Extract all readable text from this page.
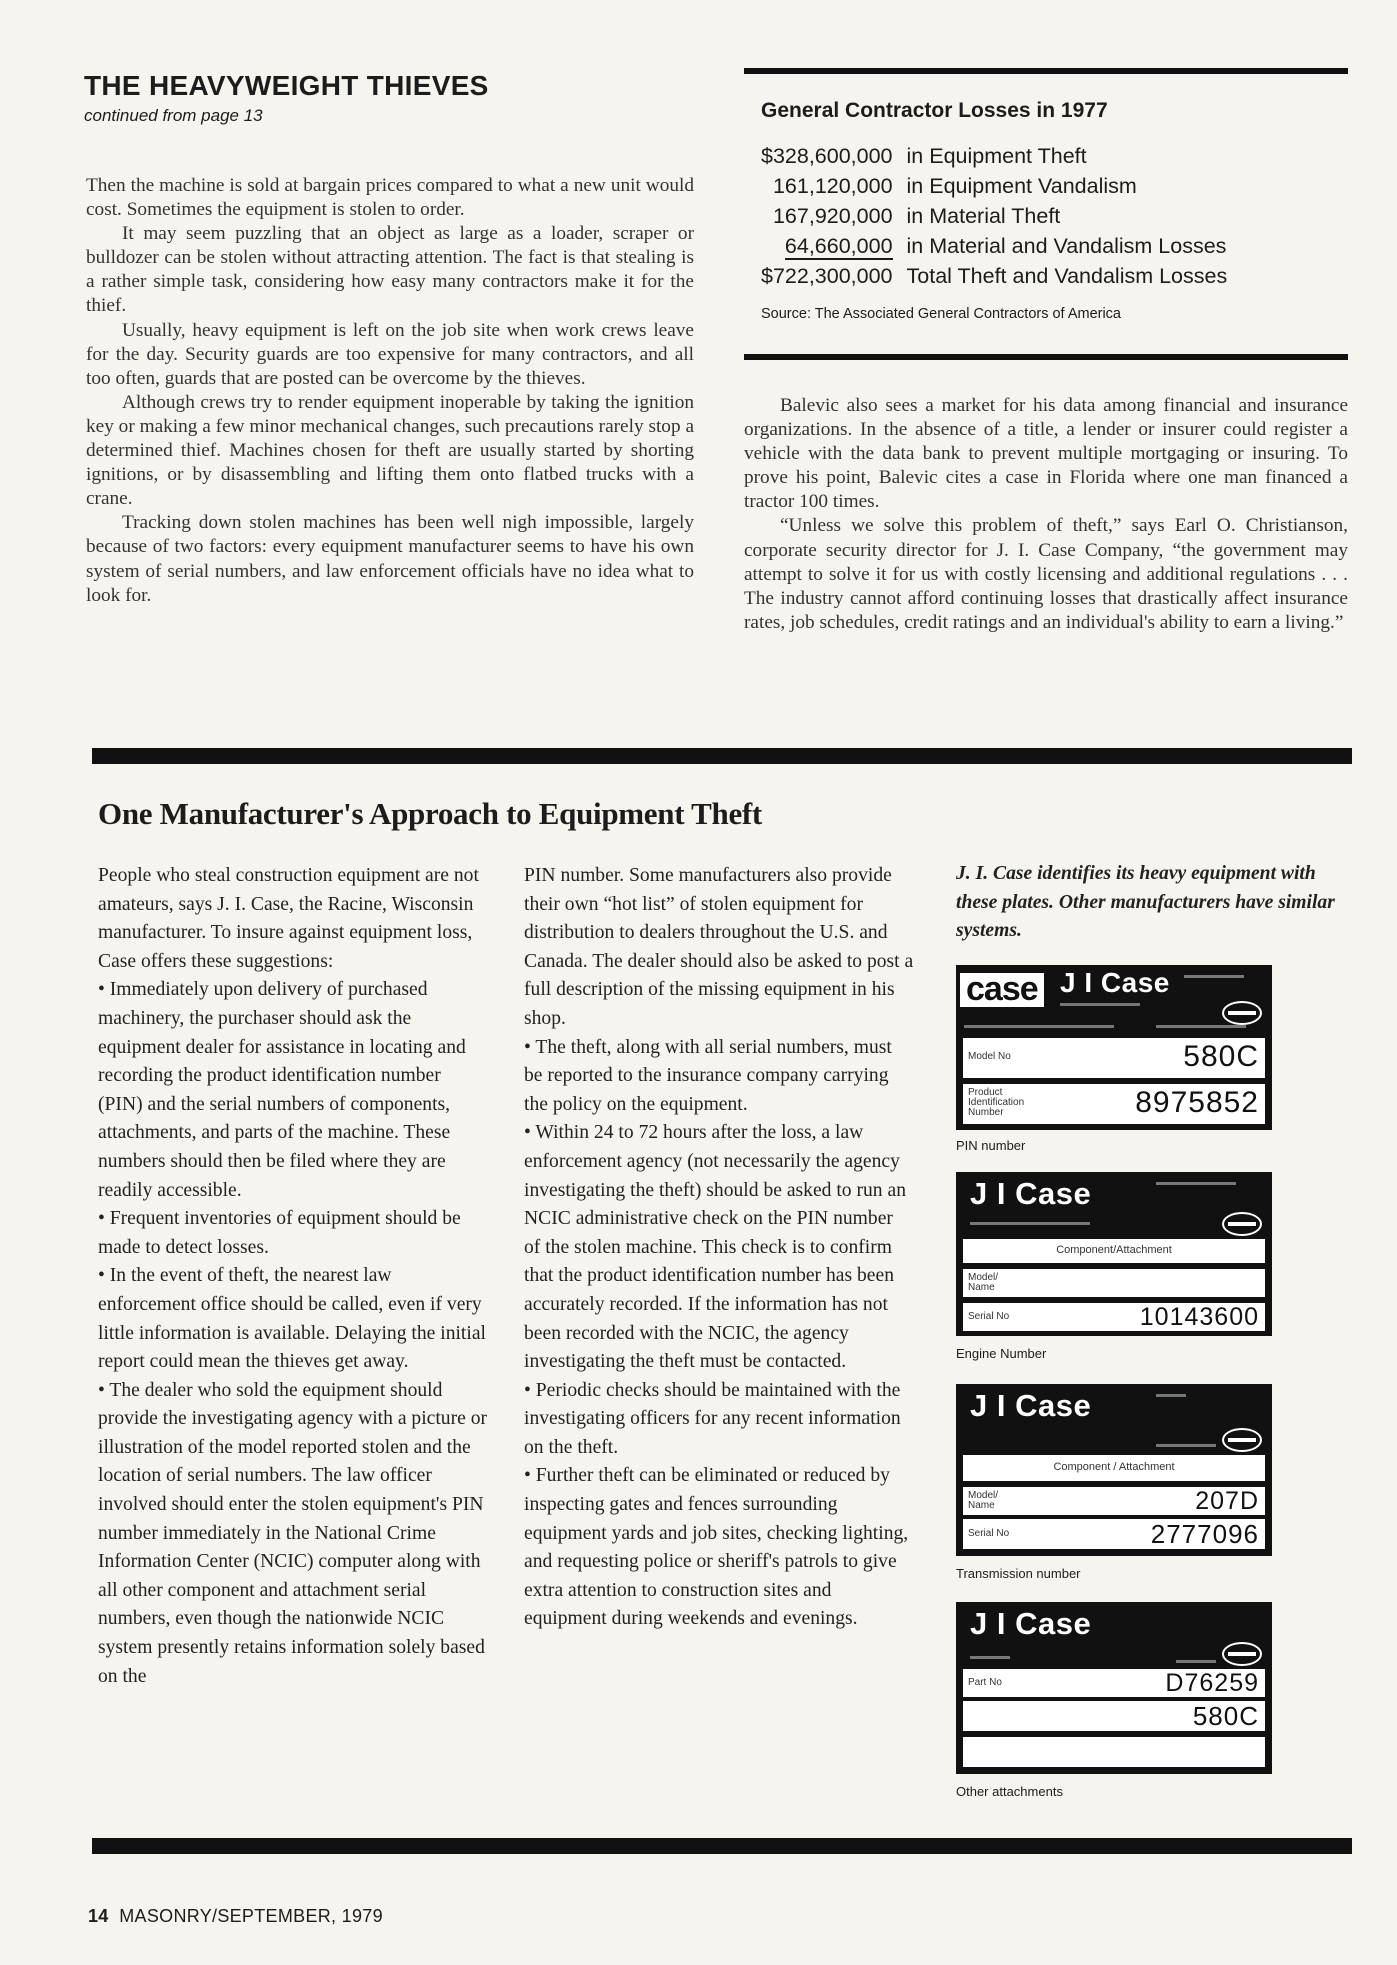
THE HEAVYWEIGHT THIEVES
continued from page 13

Then the machine is sold at bargain prices compared to what a new unit would cost. Sometimes the equipment is stolen to order.

It may seem puzzling that an object as large as a loader, scraper or bulldozer can be stolen without attracting attention. The fact is that stealing is a rather simple task, considering how easy many contractors make it for the thief.

Usually, heavy equipment is left on the job site when work crews leave for the day. Security guards are too expensive for many contractors, and all too often, guards that are posted can be overcome by the thieves.

Although crews try to render equipment inoperable by taking the ignition key or making a few minor mechanical changes, such precautions rarely stop a determined thief. Machines chosen for theft are usually started by shorting ignitions, or by disassembling and lifting them onto flatbed trucks with a crane.

Tracking down stolen machines has been well nigh impossible, largely because of two factors: every equipment manufacturer seems to have his own system of serial numbers, and law enforcement officials have no idea what to look for.

General Contractor Losses in 1977
$328,600,000	in Equipment Theft
161,120,000	in Equipment Vandalism
167,920,000	in Material Theft
64,660,000	in Material and Vandalism Losses
$722,300,000	Total Theft and Vandalism Losses
Source: The Associated General Contractors of America

Balevic also sees a market for his data among financial and insurance organizations. In the absence of a title, a lender or insurer could register a vehicle with the data bank to prevent multiple mortgaging or insuring. To prove his point, Balevic cites a case in Florida where one man financed a tractor 100 times.

“Unless we solve this problem of theft,” says Earl O. Christianson, corporate security director for J. I. Case Company, “the government may attempt to solve it for us with costly licensing and additional regulations . . . The industry cannot afford continuing losses that drastically affect insurance rates, job schedules, credit ratings and an individual's ability to earn a living.”

One Manufacturer's Approach to Equipment Theft

People who steal construction equipment are not amateurs, says J. I. Case, the Racine, Wisconsin manufacturer. To insure against equipment loss, Case offers these suggestions:

• Immediately upon delivery of purchased machinery, the purchaser should ask the equipment dealer for assistance in locating and recording the product identification number (PIN) and the serial numbers of components, attachments, and parts of the machine. These numbers should then be filed where they are readily accessible.

• Frequent inventories of equipment should be made to detect losses.

• In the event of theft, the nearest law enforcement office should be called, even if very little information is available. Delaying the initial report could mean the thieves get away.

• The dealer who sold the equipment should provide the investigating agency with a picture or illustration of the model reported stolen and the location of serial numbers. The law officer involved should enter the stolen equipment's PIN number immediately in the National Crime Information Center (NCIC) computer along with all other component and attachment serial numbers, even though the nationwide NCIC system presently retains information solely based on the

PIN number. Some manufacturers also provide their own “hot list” of stolen equipment for distribution to dealers throughout the U.S. and Canada. The dealer should also be asked to post a full description of the missing equipment in his shop.

• The theft, along with all serial numbers, must be reported to the insurance company carrying the policy on the equipment.

• Within 24 to 72 hours after the loss, a law enforcement agency (not necessarily the agency investigating the theft) should be asked to run an NCIC administrative check on the PIN number of the stolen machine. This check is to confirm that the product identification number has been accurately recorded. If the information has not been recorded with the NCIC, the agency investigating the theft must be contacted.

• Periodic checks should be maintained with the investigating officers for any recent information on the theft.

• Further theft can be eliminated or reduced by inspecting gates and fences surrounding equipment yards and job sites, checking lighting, and requesting police or sheriff's patrols to give extra attention to construction sites and equipment during weekends and evenings.

J. I. Case identifies its heavy equipment with these plates. Other manufacturers have similar systems.
case J I Case
Model No	580C
Product Identification Number	8975852
PIN number
J I Case
Component/Attachment
Model/ Name
Serial No	10143600
Engine Number
J I Case
Component / Attachment
Model/ Name	207D
Serial No	2777096
Transmission number
J I Case
Part No	D76259
580C
Other attachments
14 MASONRY/SEPTEMBER, 1979
